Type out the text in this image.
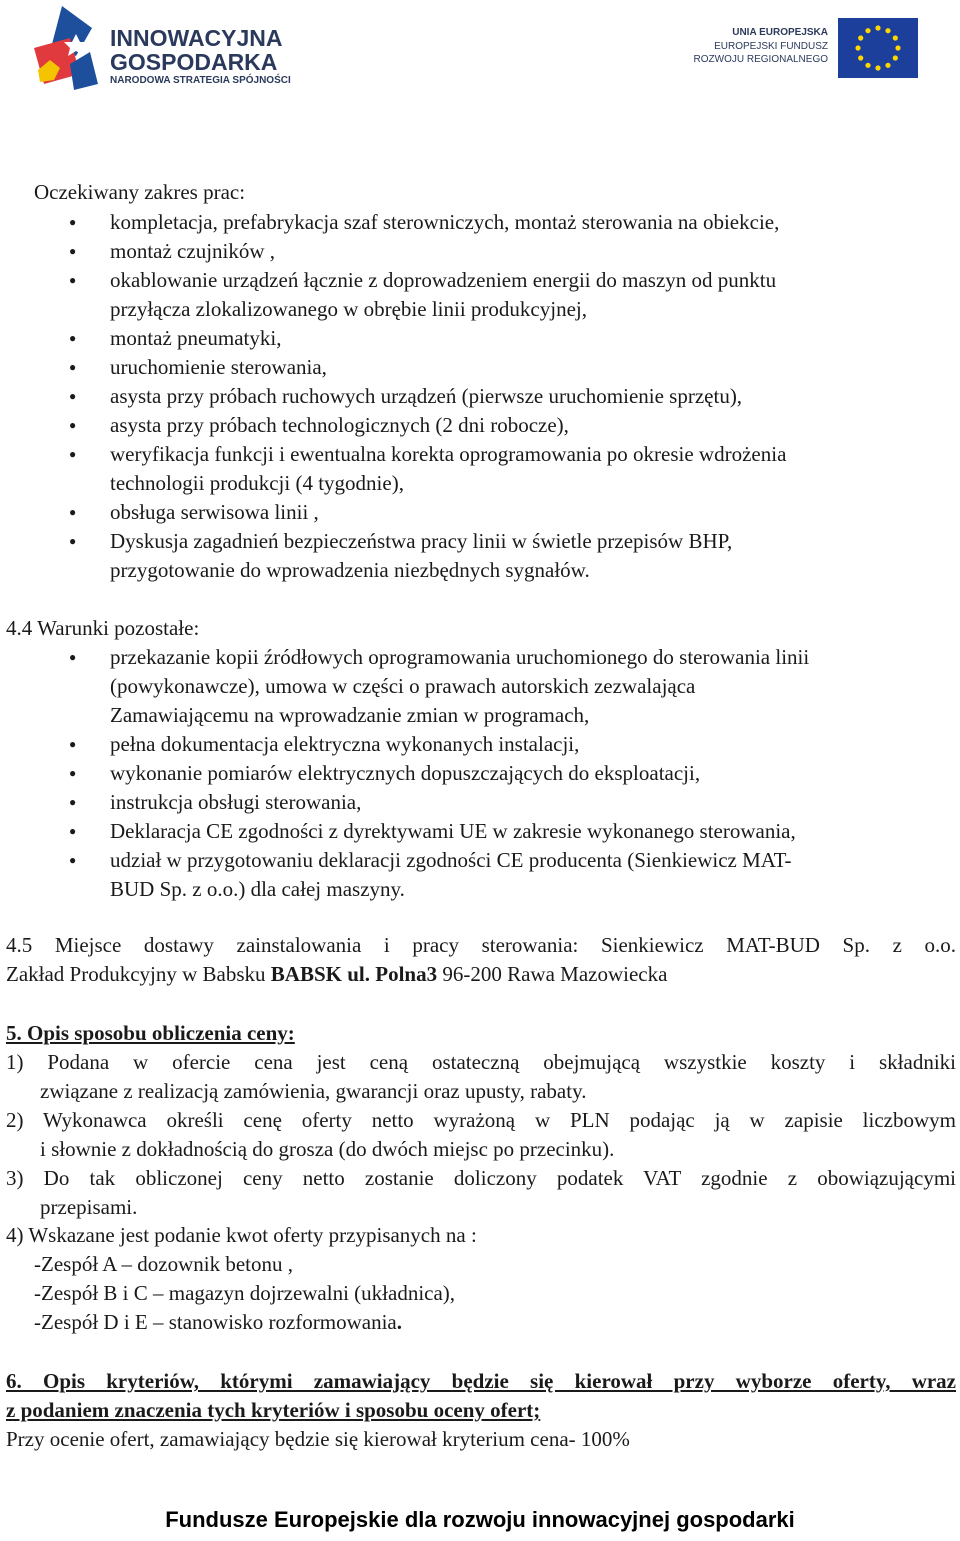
INNOWACYJNA
GOSPODARKA
NARODOWA STRATEGIA SPÓJNOŚCI
UNIA EUROPEJSKA
EUROPEJSKI FUNDUSZ
ROZWOJU REGIONALNEGO
Oczekiwany zakres prac:
● kompletacja, prefabrykacja szaf sterowniczych, montaż sterowania na obiekcie,
● montaż czujników ,
● okablowanie urządzeń łącznie z doprowadzeniem energii do maszyn od punktu
przyłącza zlokalizowanego w obrębie linii produkcyjnej,
● montaż pneumatyki,
● uruchomienie sterowania,
● asysta przy próbach ruchowych urządzeń (pierwsze uruchomienie sprzętu),
● asysta przy próbach technologicznych (2 dni robocze),
● weryfikacja funkcji i ewentualna korekta oprogramowania po okresie wdrożenia
technologii produkcji (4 tygodnie),
● obsługa serwisowa linii ,
● Dyskusja zagadnień bezpieczeństwa pracy linii w świetle przepisów BHP,
przygotowanie do wprowadzenia niezbędnych sygnałów.
4.4 Warunki pozostałe:
● przekazanie kopii źródłowych oprogramowania uruchomionego do sterowania linii
(powykonawcze), umowa w części o prawach autorskich zezwalająca
Zamawiającemu na wprowadzanie zmian w programach,
● pełna dokumentacja elektryczna wykonanych instalacji,
● wykonanie pomiarów elektrycznych dopuszczających do eksploatacji,
● instrukcja obsługi sterowania,
● Deklaracja CE zgodności z dyrektywami UE w zakresie wykonanego sterowania,
● udział w przygotowaniu deklaracji zgodności CE producenta (Sienkiewicz MAT-
BUD Sp. z o.o.) dla całej maszyny.
4.5 Miejsce dostawy zainstalowania i pracy sterowania: Sienkiewicz MAT-BUD Sp. z o.o.
Zakład Produkcyjny w Babsku BABSK ul. Polna3 96-200 Rawa Mazowiecka
5. Opis sposobu obliczenia ceny:
1) Podana w ofercie cena jest ceną ostateczną obejmującą wszystkie koszty i składniki
związane z realizacją zamówienia, gwarancji oraz upusty, rabaty.
2) Wykonawca określi cenę oferty netto wyrażoną w PLN podając ją w zapisie liczbowym
i słownie z dokładnością do grosza (do dwóch miejsc po przecinku).
3) Do tak obliczonej ceny netto zostanie doliczony podatek VAT zgodnie z obowiązującymi
przepisami.
4) Wskazane jest podanie kwot oferty przypisanych na :
-Zespół A – dozownik betonu ,
-Zespół B i C – magazyn dojrzewalni (układnica),
-Zespół D i E – stanowisko rozformowania.
6. Opis kryteriów, którymi zamawiający będzie się kierował przy wyborze oferty, wraz
z podaniem znaczenia tych kryteriów i sposobu oceny ofert;
Przy ocenie ofert, zamawiający będzie się kierował kryterium cena- 100%
Fundusze Europejskie dla rozwoju innowacyjnej gospodarki
